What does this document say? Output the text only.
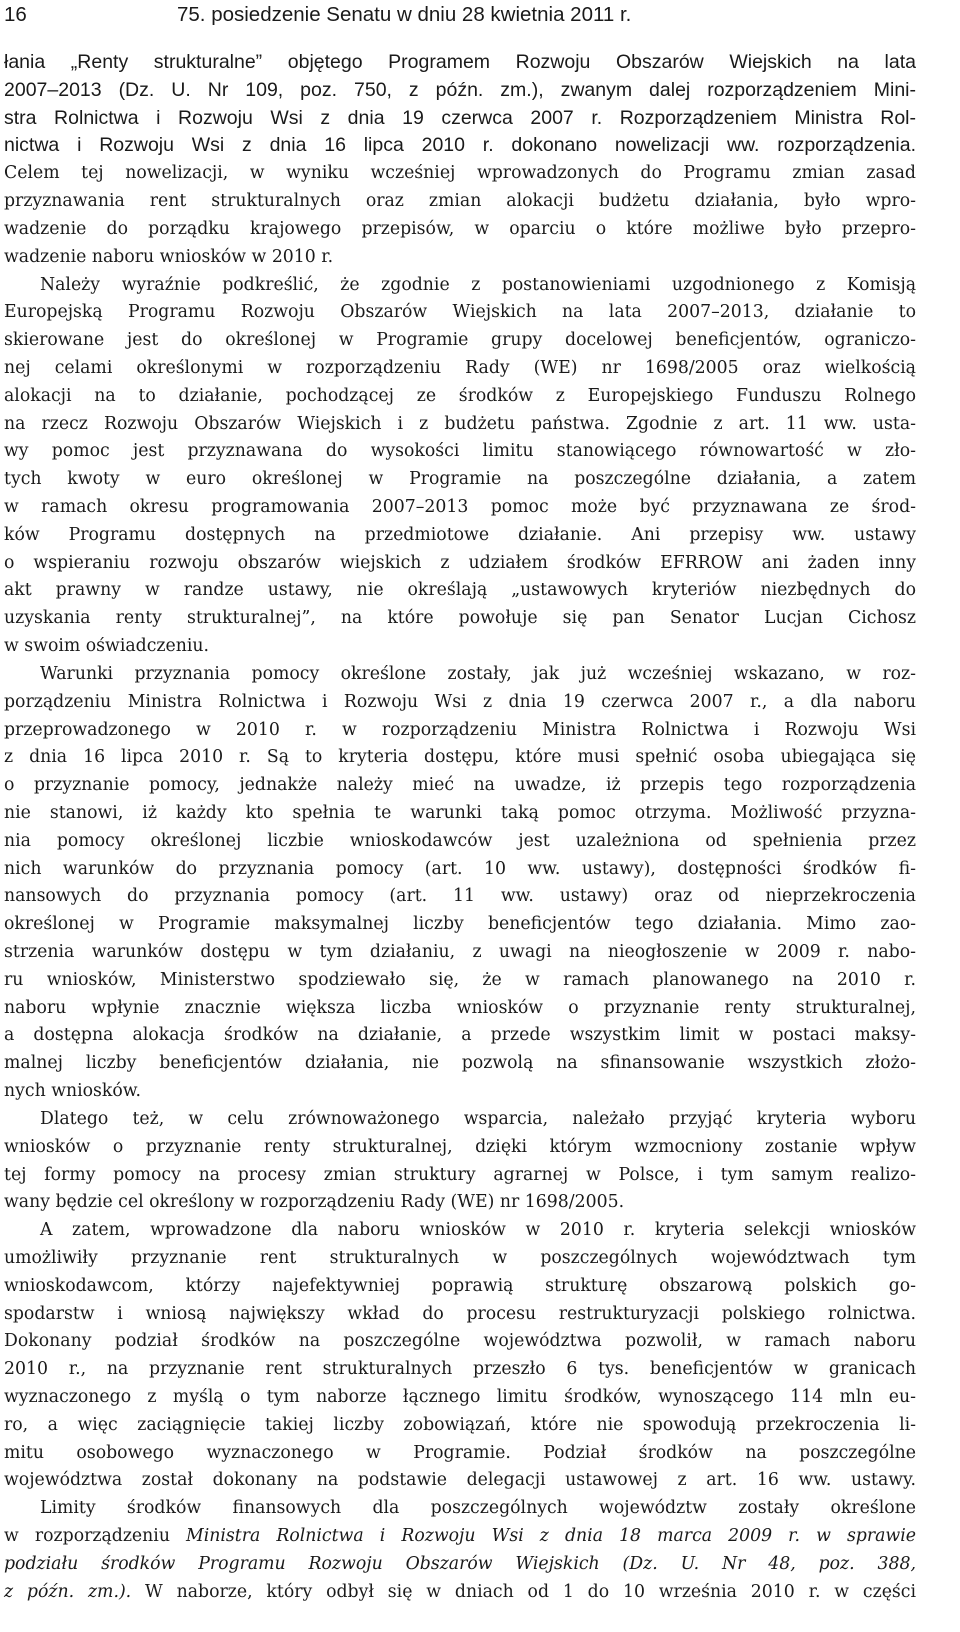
16	75. posiedzenie Senatu w dniu 28 kwietnia 2011 r.
łania „Renty strukturalne” objętego Programem Rozwoju Obszarów Wiejskich na lata
2007–2013 (Dz. U. Nr 109, poz. 750, z późn. zm.), zwanym dalej rozporządzeniem Mini-
stra Rolnictwa i Rozwoju Wsi z dnia 19 czerwca 2007 r. Rozporządzeniem Ministra Rol-
nictwa i Rozwoju Wsi z dnia 16 lipca 2010 r. dokonano nowelizacji ww. rozporządzenia.
Celem tej nowelizacji, w wyniku wcześniej wprowadzonych do Programu zmian zasad
przyznawania rent strukturalnych oraz zmian alokacji budżetu działania, było wpro-
wadzenie do porządku krajowego przepisów, w oparciu o które możliwe było przepro-
wadzenie naboru wniosków w 2010 r.
Należy wyraźnie podkreślić, że zgodnie z postanowieniami uzgodnionego z Komisją
Europejską Programu Rozwoju Obszarów Wiejskich na lata 2007–2013, działanie to
skierowane jest do określonej w Programie grupy docelowej beneficjentów, ograniczo-
nej celami określonymi w rozporządzeniu Rady (WE) nr 1698/2005 oraz wielkością
alokacji na to działanie, pochodzącej ze środków z Europejskiego Funduszu Rolnego
na rzecz Rozwoju Obszarów Wiejskich i z budżetu państwa. Zgodnie z art. 11 ww. usta-
wy pomoc jest przyznawana do wysokości limitu stanowiącego równowartość w zło-
tych kwoty w euro określonej w Programie na poszczególne działania, a zatem
w ramach okresu programowania 2007–2013 pomoc może być przyznawana ze środ-
ków Programu dostępnych na przedmiotowe działanie. Ani przepisy ww. ustawy
o wspieraniu rozwoju obszarów wiejskich z udziałem środków EFRROW ani żaden inny
akt prawny w randze ustawy, nie określają „ustawowych kryteriów niezbędnych do
uzyskania renty strukturalnej”, na które powołuje się pan Senator Lucjan Cichosz
w swoim oświadczeniu.
Warunki przyznania pomocy określone zostały, jak już wcześniej wskazano, w roz-
porządzeniu Ministra Rolnictwa i Rozwoju Wsi z dnia 19 czerwca 2007 r., a dla naboru
przeprowadzonego w 2010 r. w rozporządzeniu Ministra Rolnictwa i Rozwoju Wsi
z dnia 16 lipca 2010 r. Są to kryteria dostępu, które musi spełnić osoba ubiegająca się
o przyznanie pomocy, jednakże należy mieć na uwadze, iż przepis tego rozporządzenia
nie stanowi, iż każdy kto spełnia te warunki taką pomoc otrzyma. Możliwość przyzna-
nia pomocy określonej liczbie wnioskodawców jest uzależniona od spełnienia przez
nich warunków do przyznania pomocy (art. 10 ww. ustawy), dostępności środków fi-
nansowych do przyznania pomocy (art. 11 ww. ustawy) oraz od nieprzekroczenia
określonej w Programie maksymalnej liczby beneficjentów tego działania. Mimo zao-
strzenia warunków dostępu w tym działaniu, z uwagi na nieogłoszenie w 2009 r. nabo-
ru wniosków, Ministerstwo spodziewało się, że w ramach planowanego na 2010 r.
naboru wpłynie znacznie większa liczba wniosków o przyznanie renty strukturalnej,
a dostępna alokacja środków na działanie, a przede wszystkim limit w postaci maksy-
malnej liczby beneficjentów działania, nie pozwolą na sfinansowanie wszystkich złożo-
nych wniosków.
Dlatego też, w celu zrównoważonego wsparcia, należało przyjąć kryteria wyboru
wniosków o przyznanie renty strukturalnej, dzięki którym wzmocniony zostanie wpływ
tej formy pomocy na procesy zmian struktury agrarnej w Polsce, i tym samym realizo-
wany będzie cel określony w rozporządzeniu Rady (WE) nr 1698/2005.
A zatem, wprowadzone dla naboru wniosków w 2010 r. kryteria selekcji wniosków
umożliwiły przyznanie rent strukturalnych w poszczególnych województwach tym
wnioskodawcom, którzy najefektywniej poprawią strukturę obszarową polskich go-
spodarstw i wniosą największy wkład do procesu restrukturyzacji polskiego rolnictwa.
Dokonany podział środków na poszczególne województwa pozwolił, w ramach naboru
2010 r., na przyznanie rent strukturalnych przeszło 6 tys. beneficjentów w granicach
wyznaczonego z myślą o tym naborze łącznego limitu środków, wynoszącego 114 mln eu-
ro, a więc zaciągnięcie takiej liczby zobowiązań, które nie spowodują przekroczenia li-
mitu osobowego wyznaczonego w Programie. Podział środków na poszczególne
województwa został dokonany na podstawie delegacji ustawowej z art. 16 ww. ustawy.
Limity środków finansowych dla poszczególnych województw zostały określone
w rozporządzeniu Ministra Rolnictwa i Rozwoju Wsi z dnia 18 marca 2009 r. w sprawie
podziału środków Programu Rozwoju Obszarów Wiejskich (Dz. U. Nr 48, poz. 388,
z późn. zm.). W naborze, który odbył się w dniach od 1 do 10 września 2010 r. w części
